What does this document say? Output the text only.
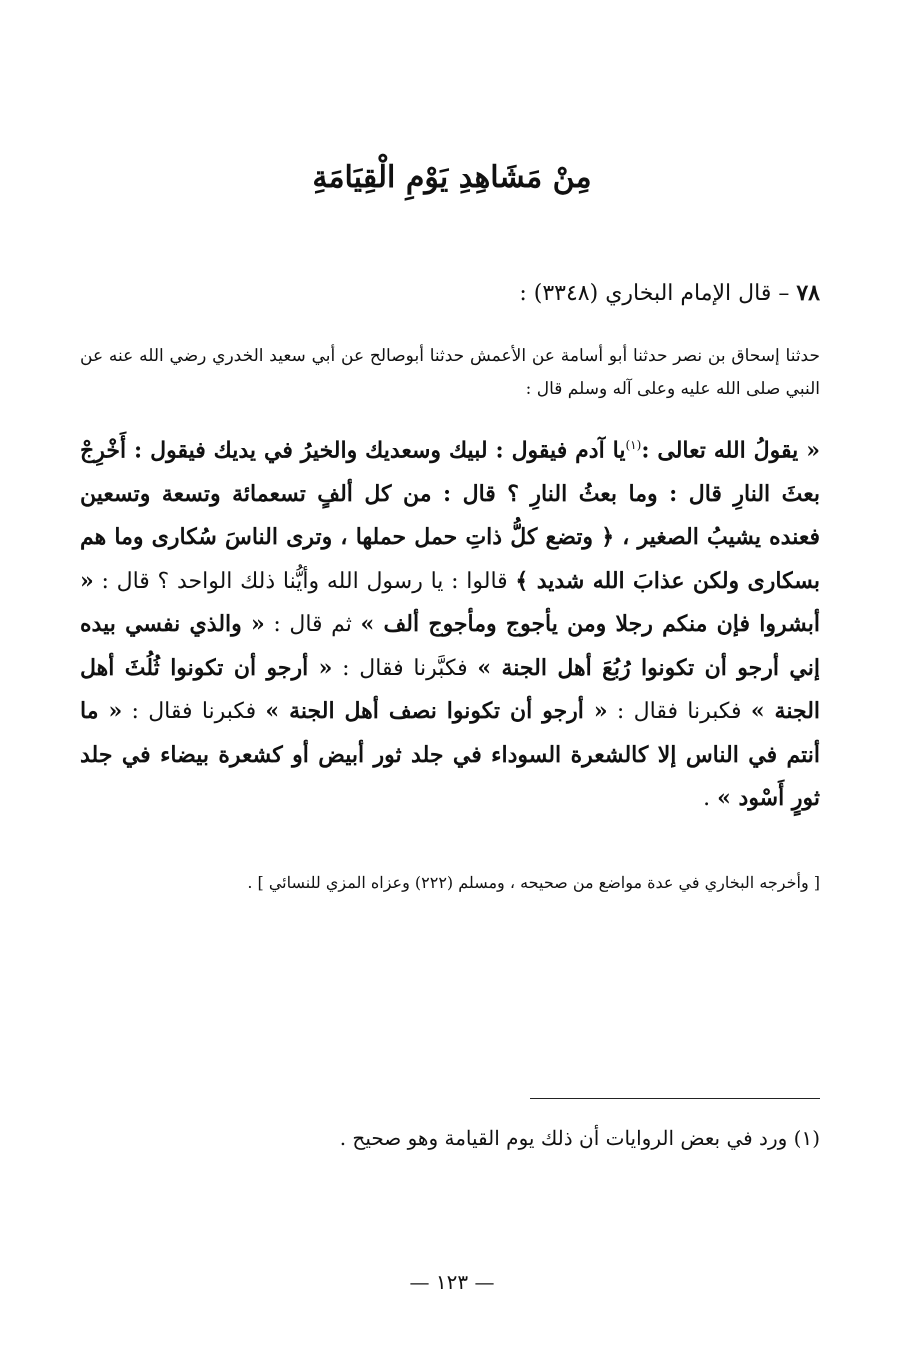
مِنْ مَشَاهِدِ يَوْمِ الْقِيَامَةِ
٧٨ – قال الإمام البخاري (٣٣٤٨) :
حدثنا إسحاق بن نصر حدثنا أبو أسامة عن الأعمش حدثنا أبوصالح عن أبي سعيد الخدري رضي الله عنه عن النبي صلى الله عليه وعلى آله وسلم قال :
« يقولُ الله تعالى :$^{(١)}$يا آدم فيقول : لبيك وسعديك والخيرُ في يديك فيقول : أَخْرِجْ بعثَ النارِ قال : وما بعثُ النارِ ؟ قال : من كل ألفٍ تسعمائة وتسعة وتسعين فعنده يشيبُ الصغير ، ﴿ وتضع كلُّ ذاتِ حمل حملها ، وترى الناسَ سُكارى وما هم بسكارى ولكن عذابَ الله شديد ﴾ قالوا : يا رسول الله وأيُّنا ذلك الواحد ؟ قال : « أبشروا فإن منكم رجلا ومن يأجوج ومأجوج ألف » ثم قال : « والذي نفسي بيده إني أرجو أن تكونوا رُبُعَ أهل الجنة » فكبَّرنا فقال : « أرجو أن تكونوا ثُلُثَ أهل الجنة » فكبرنا فقال : « أرجو أن تكونوا نصف أهل الجنة » فكبرنا فقال : « ما أنتم في الناس إلا كالشعرة السوداء في جلد ثور أبيض أو كشعرة بيضاء في جلد ثورٍ أَسْود » .
[ وأخرجه البخاري في عدة مواضع من صحيحه ، ومسلم (٢٢٢) وعزاه المزي للنسائي ] .
(١) ورد في بعض الروايات أن ذلك يوم القيامة وهو صحيح .
— ١٢٣ —
